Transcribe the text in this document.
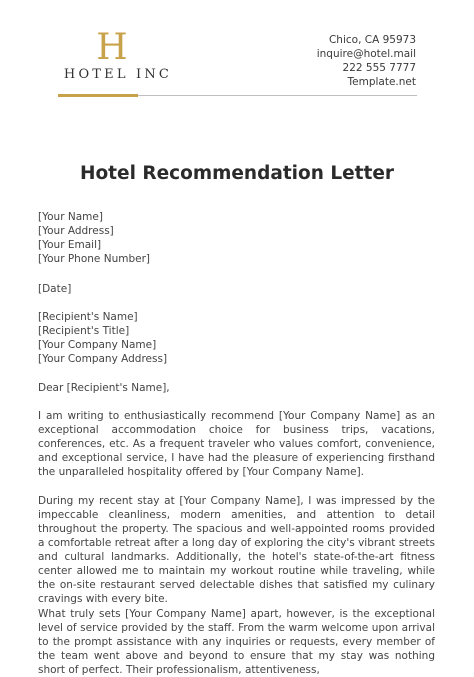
H
HOTEL INC
Chico, CA 95973
inquire@hotel.mail
222 555 7777
Template.net
Hotel Recommendation Letter
[Your Name]
[Your Address]
[Your Email]
[Your Phone Number]
[Date]
[Recipient's Name]
[Recipient's Title]
[Your Company Name]
[Your Company Address]
Dear [Recipient's Name],
I am writing to enthusiastically recommend [Your Company Name] as an exceptional accommodation choice for business trips, vacations, conferences, etc. As a frequent traveler who values comfort, convenience, and exceptional service, I have had the pleasure of experiencing firsthand the unparalleled hospitality offered by [Your Company Name].
During my recent stay at [Your Company Name], I was impressed by the impeccable cleanliness, modern amenities, and attention to detail throughout the property. The spacious and well-appointed rooms provided a comfortable retreat after a long day of exploring the city's vibrant streets and cultural landmarks. Additionally, the hotel's state-of-the-art fitness center allowed me to maintain my workout routine while traveling, while the on-site restaurant served delectable dishes that satisfied my culinary cravings with every bite.
What truly sets [Your Company Name] apart, however, is the exceptional level of service provided by the staff. From the warm welcome upon arrival to the prompt assistance with any inquiries or requests, every member of the team went above and beyond to ensure that my stay was nothing short of perfect. Their professionalism, attentiveness,
